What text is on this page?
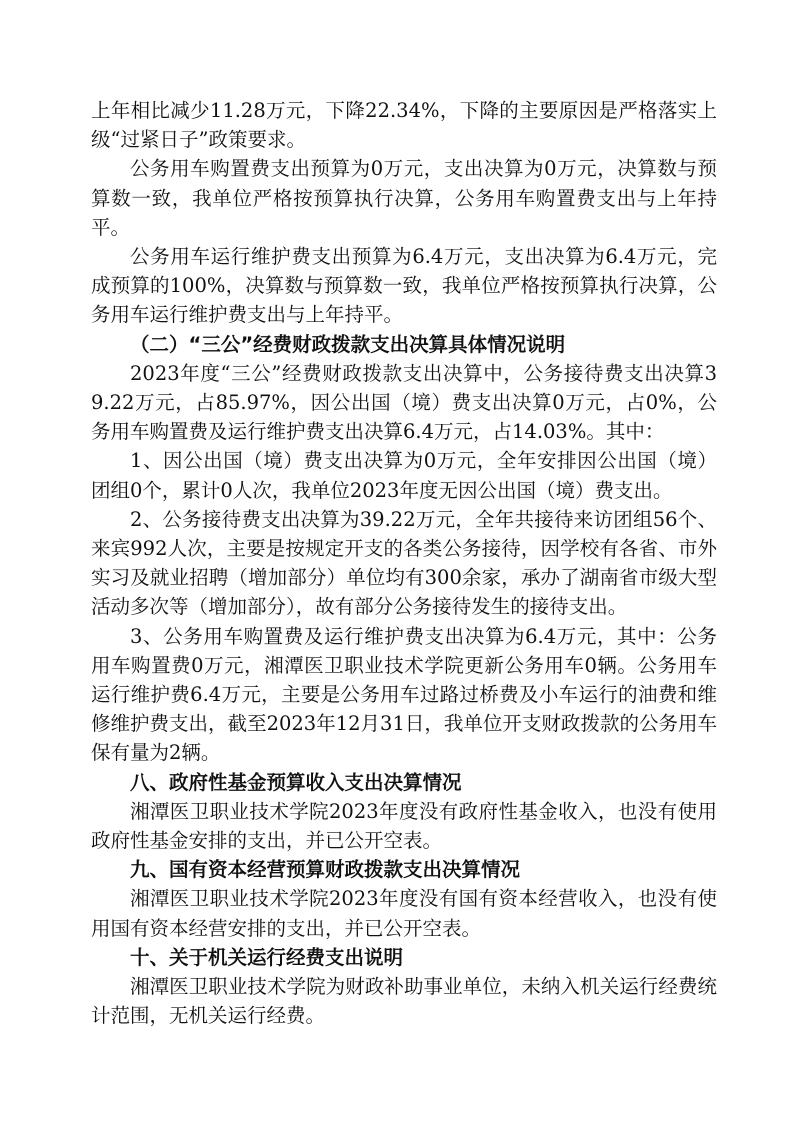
上年相比减少11.28万元，下降22.34%，下降的主要原因是严格落实上级“过紧日子”政策要求。

公务用车购置费支出预算为0万元，支出决算为0万元，决算数与预算数一致，我单位严格按预算执行决算，公务用车购置费支出与上年持平。

公务用车运行维护费支出预算为6.4万元，支出决算为6.4万元，完成预算的100%，决算数与预算数一致，我单位严格按预算执行决算，公务用车运行维护费支出与上年持平。

（二）“三公”经费财政拨款支出决算具体情况说明

2023年度“三公”经费财政拨款支出决算中，公务接待费支出决算39.22万元，占85.97%，因公出国（境）费支出决算0万元，占0%，公务用车购置费及运行维护费支出决算6.4万元，占14.03%。其中：

1、因公出国（境）费支出决算为0万元，全年安排因公出国（境）团组0个，累计0人次，我单位2023年度无因公出国（境）费支出。

2、公务接待费支出决算为39.22万元，全年共接待来访团组56个、来宾992人次，主要是按规定开支的各类公务接待，因学校有各省、市外实习及就业招聘（增加部分）单位均有300余家，承办了湖南省市级大型活动多次等（增加部分），故有部分公务接待发生的接待支出。

3、公务用车购置费及运行维护费支出决算为6.4万元，其中：公务用车购置费0万元，湘潭医卫职业技术学院更新公务用车0辆。公务用车运行维护费6.4万元，主要是公务用车过路过桥费及小车运行的油费和维修维护费支出，截至2023年12月31日，我单位开支财政拨款的公务用车保有量为2辆。

八、政府性基金预算收入支出决算情况

湘潭医卫职业技术学院2023年度没有政府性基金收入，也没有使用政府性基金安排的支出，并已公开空表。

九、国有资本经营预算财政拨款支出决算情况

湘潭医卫职业技术学院2023年度没有国有资本经营收入，也没有使用国有资本经营安排的支出，并已公开空表。

十、关于机关运行经费支出说明

湘潭医卫职业技术学院为财政补助事业单位，未纳入机关运行经费统计范围，无机关运行经费。
